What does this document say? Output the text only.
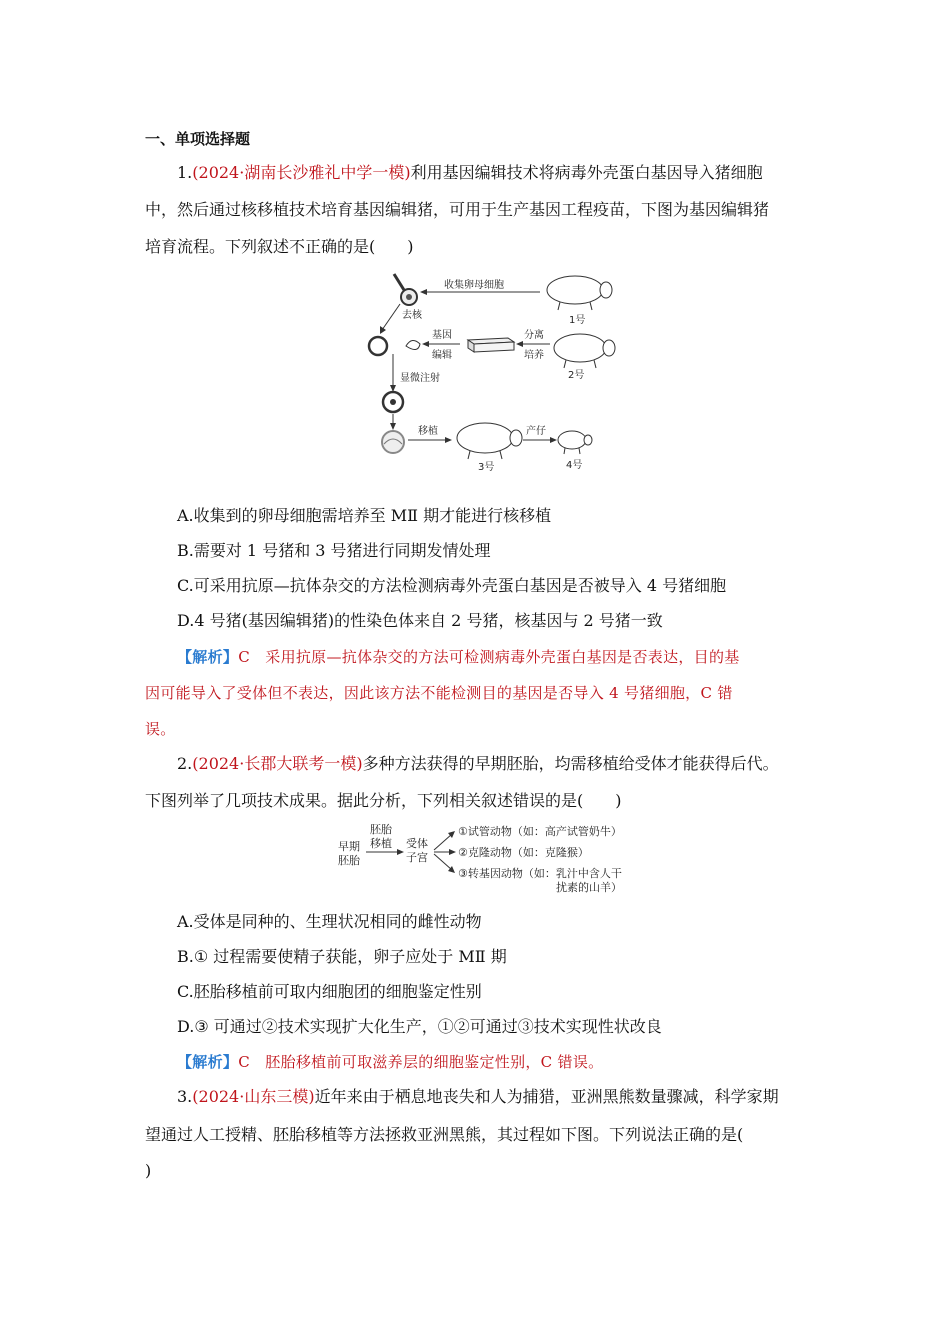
一、单项选择题
1.(2024·湖南长沙雅礼中学一模)利用基因编辑技术将病毒外壳蛋白基因导入猪细胞
中，然后通过核移植技术培育基因编辑猪，可用于生产基因工程疫苗，下图为基因编辑猪
培育流程。下列叙述不正确的是(　　)
收集卵母细胞
1号
去核
基因
编辑
分离
培养
2号
显微注射
移植
3号
产仔
4号
A.收集到的卵母细胞需培养至 MⅡ 期才能进行核移植
B.需要对 1 号猪和 3 号猪进行同期发情处理
C.可采用抗原—抗体杂交的方法检测病毒外壳蛋白基因是否被导入 4 号猪细胞
D.4 号猪(基因编辑猪)的性染色体来自 2 号猪，核基因与 2 号猪一致
【解析】C　采用抗原—抗体杂交的方法可检测病毒外壳蛋白基因是否表达，目的基
因可能导入了受体但不表达，因此该方法不能检测目的基因是否导入 4 号猪细胞，C 错
误。
2.(2024·长郡大联考一模)多种方法获得的早期胚胎，均需移植给受体才能获得后代。
下图列举了几项技术成果。据此分析，下列相关叙述错误的是(　　)
早期
胚胎
胚胎
移植 受体
子宫
①试管动物（如：高产试管奶牛）
②克隆动物（如：克隆猴）
③转基因动物（如：乳汁中含人干
扰素的山羊）
A.受体是同种的、生理状况相同的雌性动物
B.① 过程需要使精子获能，卵子应处于 MⅡ 期
C.胚胎移植前可取内细胞团的细胞鉴定性别
D.③ 可通过②技术实现扩大化生产，①②可通过③技术实现性状改良
【解析】C　胚胎移植前可取滋养层的细胞鉴定性别，C 错误。
3.(2024·山东三模)近年来由于栖息地丧失和人为捕猎，亚洲黑熊数量骤减，科学家期
望通过人工授精、胚胎移植等方法拯救亚洲黑熊，其过程如下图。下列说法正确的是(
)
